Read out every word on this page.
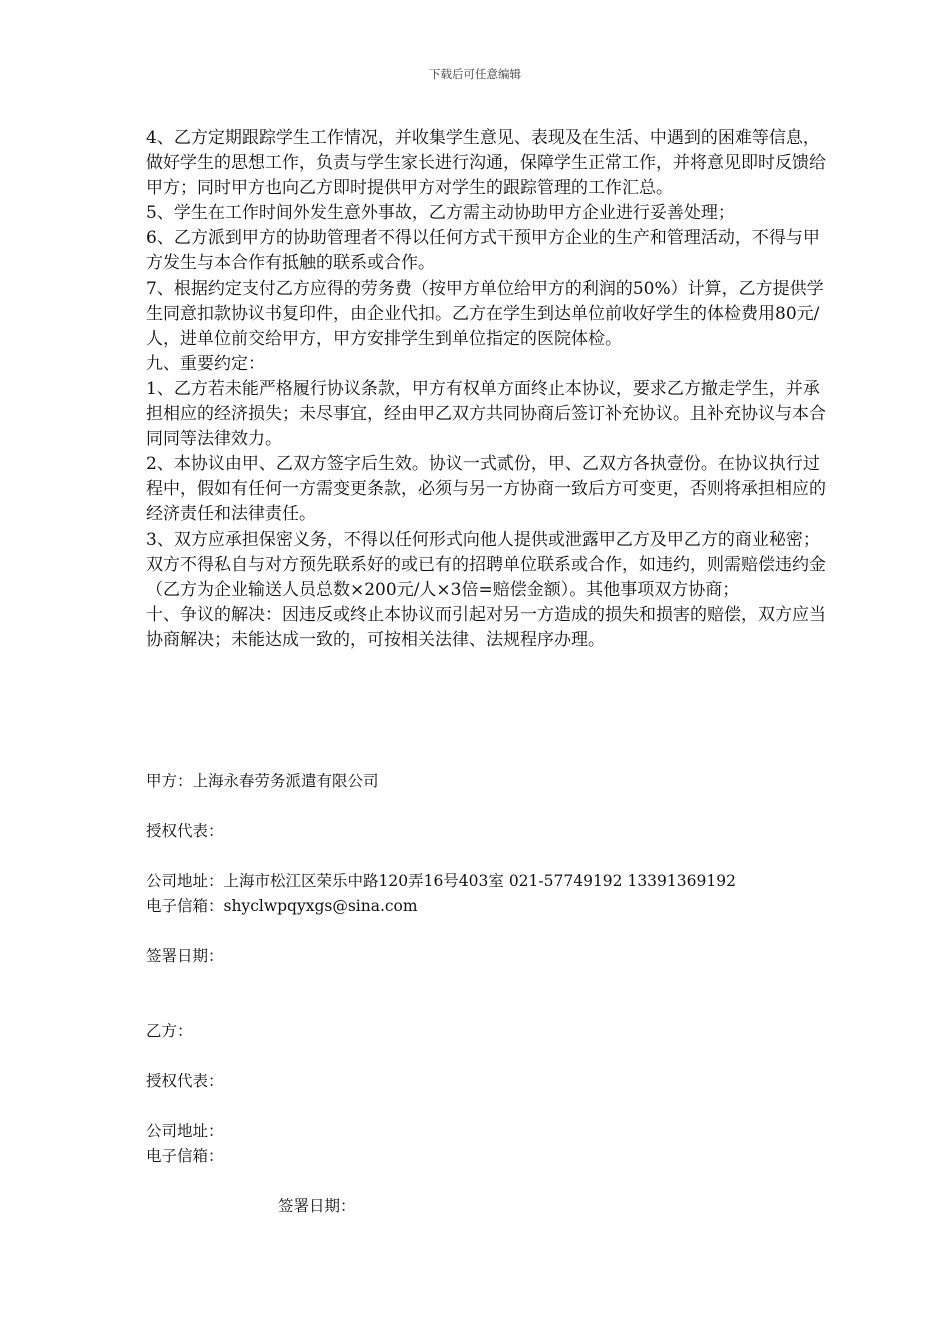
下载后可任意编辑

4、乙方定期跟踪学生工作情况，并收集学生意见、表现及在生活、中遇到的困难等信息，做好学生的思想工作，负责与学生家长进行沟通，保障学生正常工作，并将意见即时反馈给甲方；同时甲方也向乙方即时提供甲方对学生的跟踪管理的工作汇总。

5、学生在工作时间外发生意外事故，乙方需主动协助甲方企业进行妥善处理；

6、乙方派到甲方的协助管理者不得以任何方式干预甲方企业的生产和管理活动，不得与甲方发生与本合作有抵触的联系或合作。

7、根据约定支付乙方应得的劳务费（按甲方单位给甲方的利润的50%）计算，乙方提供学生同意扣款协议书复印件，由企业代扣。乙方在学生到达单位前收好学生的体检费用80元/人，进单位前交给甲方，甲方安排学生到单位指定的医院体检。

九、重要约定：

1、乙方若未能严格履行协议条款，甲方有权单方面终止本协议，要求乙方撤走学生，并承担相应的经济损失；未尽事宜，经由甲乙双方共同协商后签订补充协议。且补充协议与本合同同等法律效力。

2、本协议由甲、乙双方签字后生效。协议一式贰份，甲、乙双方各执壹份。在协议执行过程中，假如有任何一方需变更条款，必须与另一方协商一致后方可变更，否则将承担相应的经济责任和法律责任。

3、双方应承担保密义务，不得以任何形式向他人提供或泄露甲乙方及甲乙方的商业秘密；双方不得私自与对方预先联系好的或已有的招聘单位联系或合作，如违约，则需赔偿违约金（乙方为企业输送人员总数×200元/人×3倍=赔偿金额）。其他事项双方协商；

十、争议的解决：因违反或终止本协议而引起对另一方造成的损失和损害的赔偿，双方应当协商解决；未能达成一致的，可按相关法律、法规程序办理。

甲方：上海永春劳务派遣有限公司
授权代表：
公司地址：上海市松江区荣乐中路120弄16号403室 021-57749192 13391369192
电子信箱：shyclwpqyxgs@sina.com
签署日期：
乙方：
授权代表：
公司地址：
电子信箱：
签署日期：
